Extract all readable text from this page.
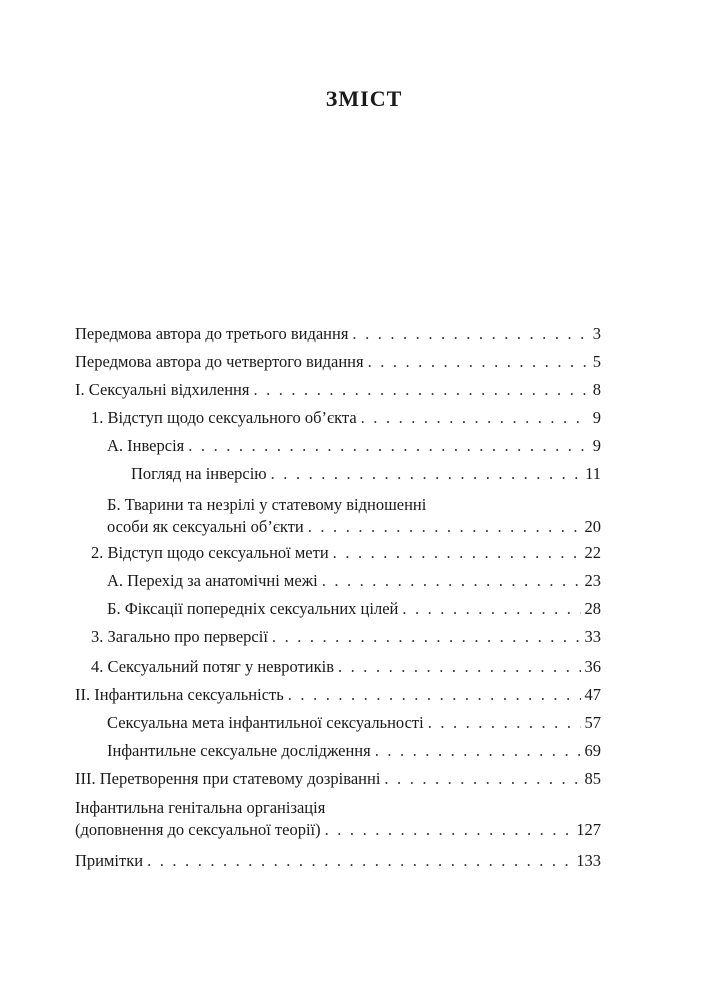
ЗМІСТ
Передмова автора до третього видання . . .	3
Передмова автора до четвертого видання . . .	5
І. Сексуальні відхилення . . .	8
1. Відступ щодо сексуального об’єкта . . .	9
А. Інверсія . . .	9
Погляд на інверсію . . .	11
Б. Тварини та незрілі у статевому відношенні
особи як сексуальні об’єкти . . .	20
2. Відступ щодо сексуальної мети . . .	22
А. Перехід за анатомічні межі . . .	23
Б. Фіксації попередніх сексуальних цілей . . .	28
3. Загально про перверсії . . .	33
4. Сексуальний потяг у невротиків . . .	36
ІІ. Інфантильна сексуальність . . .	47
Сексуальна мета інфантильної сексуальності . . .	57
Інфантильне сексуальне дослідження . . .	69
ІІІ. Перетворення при статевому дозріванні . . .	85
Інфантильна генітальна організація
(доповнення до сексуальної теорії) . . .	127
Примітки . . .	133
